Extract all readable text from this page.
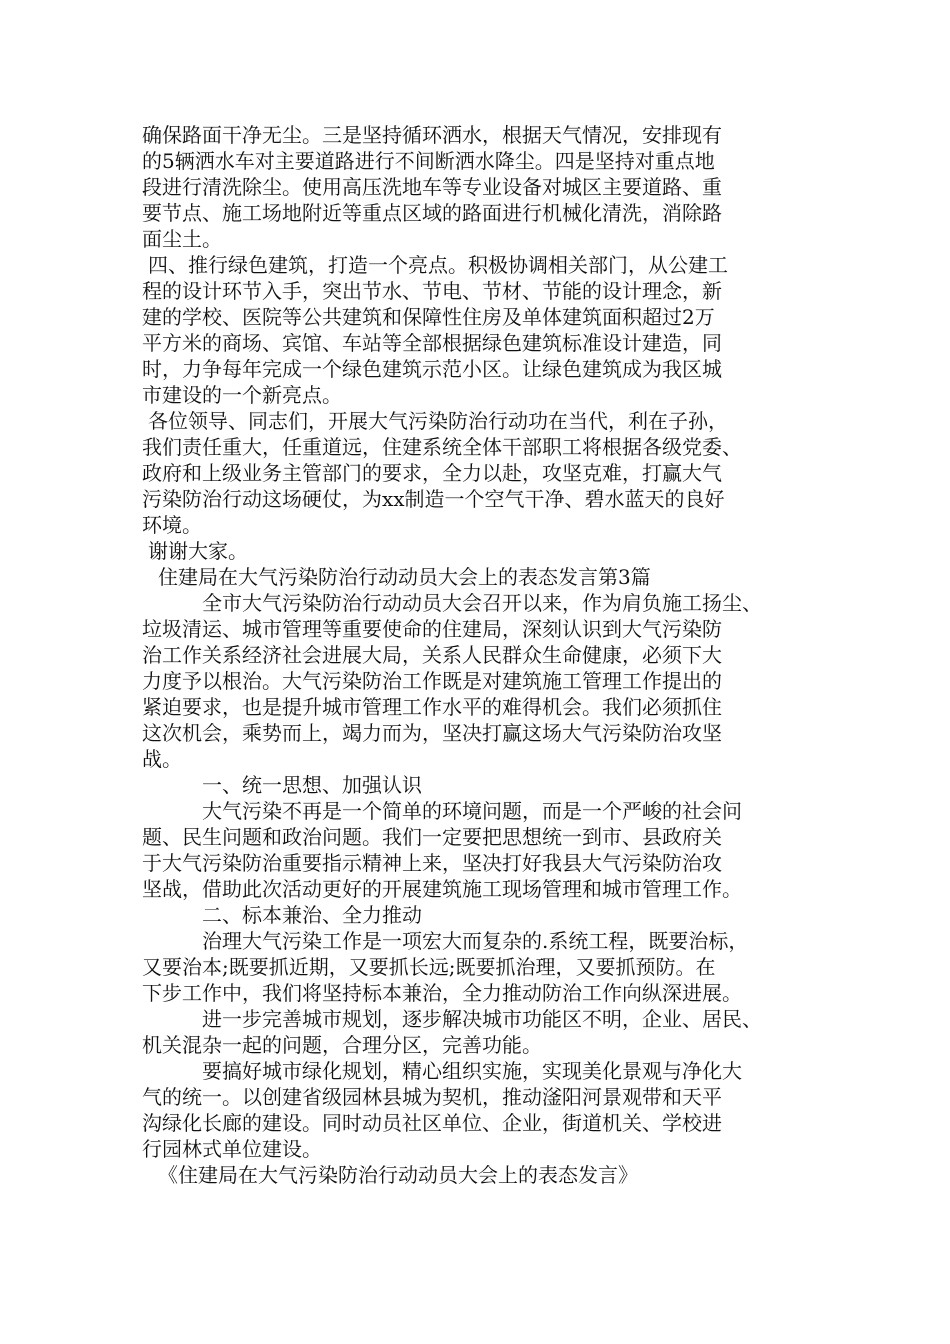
确保路面干净无尘。三是坚持循环洒水，根据天气情况，安排现有
的5辆洒水车对主要道路进行不间断洒水降尘。四是坚持对重点地
段进行清洗除尘。使用高压洗地车等专业设备对城区主要道路、重
要节点、施工场地附近等重点区域的路面进行机械化清洗，消除路
面尘土。
四、推行绿色建筑，打造一个亮点。积极协调相关部门，从公建工
程的设计环节入手，突出节水、节电、节材、节能的设计理念，新
建的学校、医院等公共建筑和保障性住房及单体建筑面积超过2万
平方米的商场、宾馆、车站等全部根据绿色建筑标准设计建造，同
时，力争每年完成一个绿色建筑示范小区。让绿色建筑成为我区城
市建设的一个新亮点。
各位领导、同志们，开展大气污染防治行动功在当代，利在子孙，
我们责任重大，任重道远，住建系统全体干部职工将根据各级党委、
政府和上级业务主管部门的要求，全力以赴，攻坚克难，打赢大气
污染防治行动这场硬仗，为xx制造一个空气干净、碧水蓝天的良好
环境。
谢谢大家。
住建局在大气污染防治行动动员大会上的表态发言第3篇
全市大气污染防治行动动员大会召开以来，作为肩负施工扬尘、
垃圾清运、城市管理等重要使命的住建局，深刻认识到大气污染防
治工作关系经济社会进展大局，关系人民群众生命健康，必须下大
力度予以根治。大气污染防治工作既是对建筑施工管理工作提出的
紧迫要求，也是提升城市管理工作水平的难得机会。我们必须抓住
这次机会，乘势而上，竭力而为，坚决打赢这场大气污染防治攻坚
战。
一、统一思想、加强认识
大气污染不再是一个简单的环境问题，而是一个严峻的社会问
题、民生问题和政治问题。我们一定要把思想统一到市、县政府关
于大气污染防治重要指示精神上来，坚决打好我县大气污染防治攻
坚战，借助此次活动更好的开展建筑施工现场管理和城市管理工作。
二、标本兼治、全力推动
治理大气污染工作是一项宏大而复杂的.系统工程，既要治标，
又要治本;既要抓近期，又要抓长远;既要抓治理，又要抓预防。在
下步工作中，我们将坚持标本兼治，全力推动防治工作向纵深进展。
进一步完善城市规划，逐步解决城市功能区不明，企业、居民、
机关混杂一起的问题，合理分区，完善功能。
要搞好城市绿化规划，精心组织实施，实现美化景观与净化大
气的统一。以创建省级园林县城为契机，推动滏阳河景观带和天平
沟绿化长廊的建设。同时动员社区单位、企业，街道机关、学校进
行园林式单位建设。
《住建局在大气污染防治行动动员大会上的表态发言》
